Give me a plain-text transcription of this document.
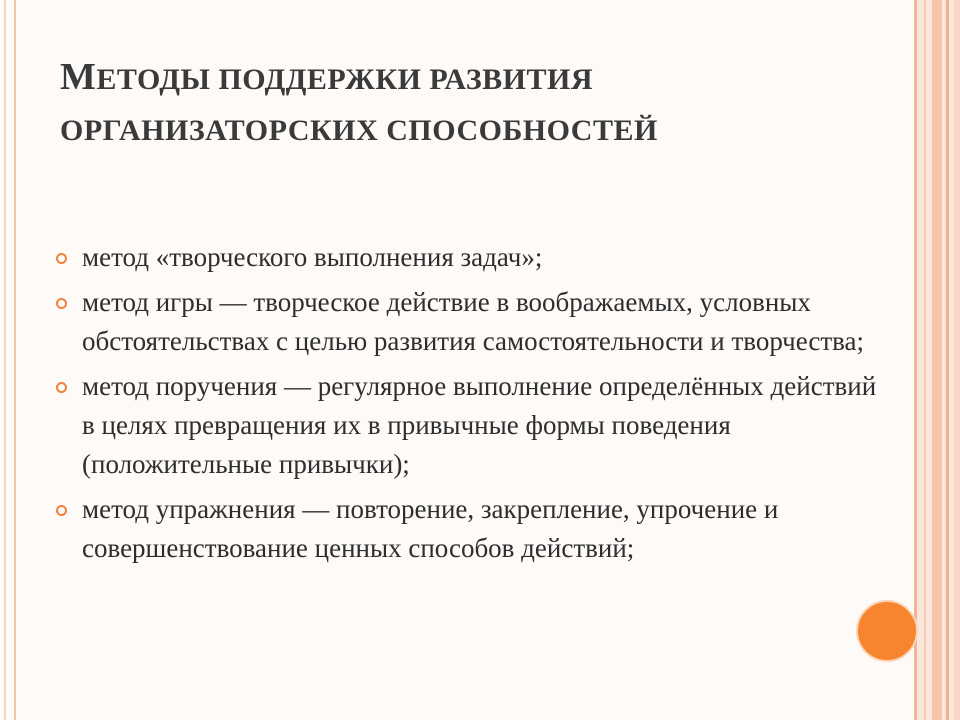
МЕТОДЫ ПОДДЕРЖКИ РАЗВИТИЯ
ОРГАНИЗАТОРСКИХ СПОСОБНОСТЕЙ
метод «творческого выполнения задач»;
метод игры — творческое действие в воображаемых, условных обстоятельствах с целью развития самостоятельности и творчества;
метод поручения — регулярное выполнение определённых действий в целях превращения их в привычные формы поведения (положительные привычки);
метод упражнения — повторение, закрепление, упрочение и совершенствование ценных способов действий;
